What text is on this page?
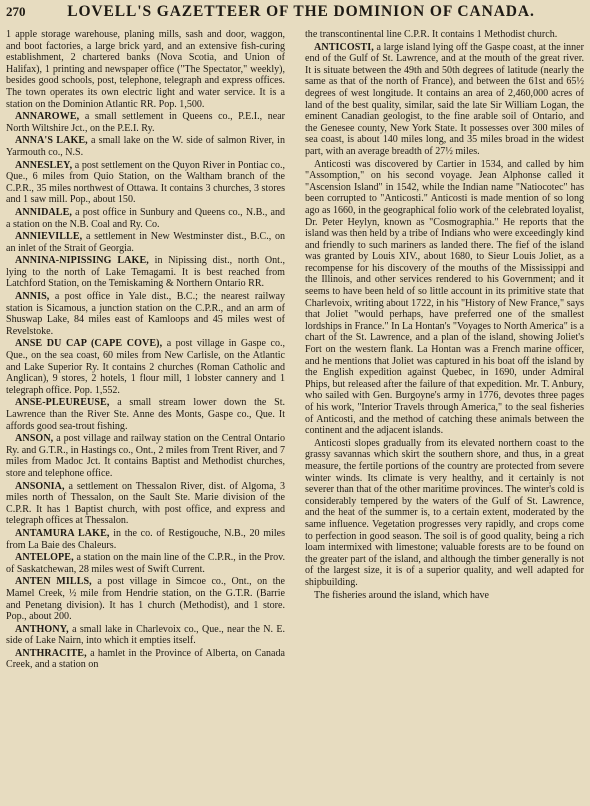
270	LOVELL'S GAZETTEER OF THE DOMINION OF CANADA.

1 apple storage warehouse, planing mills, sash and door, waggon, and boot factories, a large brick yard, and an extensive fish-curing establishment, 2 chartered banks (Nova Scotia, and Union of Halifax), 1 printing and newspaper office ("The Spectator," weekly), besides good schools, post, telephone, telegraph and express offices. The town operates its own electric light and water service. It is a station on the Dominion Atlantic RR. Pop. 1,500.

ANNAROWE, a small settlement in Queens co., P.E.I., near North Wiltshire Jct., on the P.E.I. Ry.

ANNA'S LAKE, a small lake on the W. side of salmon River, in Yarmouth co., N.S.

ANNESLEY, a post settlement on the Quyon River in Pontiac co., Que., 6 miles from Quio Station, on the Waltham branch of the C.P.R., 35 miles northwest of Ottawa. It contains 3 churches, 3 stores and 1 saw mill. Pop., about 150.

ANNIDALE, a post office in Sunbury and Queens co., N.B., and a station on the N.B. Coal and Ry. Co.

ANNIEVILLE, a settlement in New Westminster dist., B.C., on an inlet of the Strait of Georgia.

ANNINA-NIPISSING LAKE, in Nipissing dist., north Ont., lying to the north of Lake Temagami. It is best reached from Latchford Station, on the Temiskaming & Northern Ontario RR.

ANNIS, a post office in Yale dist., B.C.; the nearest railway station is Sicamous, a junction station on the C.P.R., and an arm of Shuswap Lake, 84 miles east of Kamloops and 45 miles west of Revelstoke.

ANSE DU CAP (CAPE COVE), a post village in Gaspe co., Que., on the sea coast, 60 miles from New Carlisle, on the Atlantic and Lake Superior Ry. It contains 2 churches (Roman Catholic and Anglican), 9 stores, 2 hotels, 1 flour mill, 1 lobster cannery and 1 telegraph office. Pop. 1,552.

ANSE-PLEUREUSE, a small stream lower down the St. Lawrence than the River Ste. Anne des Monts, Gaspe co., Que. It affords good sea-trout fishing.

ANSON, a post village and railway station on the Central Ontario Ry. and G.T.R., in Hastings co., Ont., 2 miles from Trent River, and 7 miles from Madoc Jct. It contains Baptist and Methodist churches, store and telephone office.

ANSONIA, a settlement on Thessalon River, dist. of Algoma, 3 miles north of Thessalon, on the Sault Ste. Marie division of the C.P.R. It has 1 Baptist church, with post office, and express and telegraph offices at Thessalon.

ANTAMURA LAKE, in the co. of Restigouche, N.B., 20 miles from La Baie des Chaleurs.

ANTELOPE, a station on the main line of the C.P.R., in the Prov. of Saskatchewan, 28 miles west of Swift Current.

ANTEN MILLS, a post village in Simcoe co., Ont., on the Mamel Creek, ½ mile from Hendrie station, on the G.T.R. (Barrie and Penetang division). It has 1 church (Methodist), and 1 store. Pop., about 200.

ANTHONY, a small lake in Charlevoix co., Que., near the N. E. side of Lake Nairn, into which it empties itself.

ANTHRACITE, a hamlet in the Province of Alberta, on Canada Creek, and a station on

the transcontinental line C.P.R. It contains 1 Methodist church.

ANTICOSTI, a large island lying off the Gaspe coast, at the inner end of the Gulf of St. Lawrence, and at the mouth of the great river. It is situate between the 49th and 50th degrees of latitude (nearly the same as that of the north of France), and between the 61st and 65½ degrees of west longitude. It contains an area of 2,460,000 acres of land of the best quality, similar, said the late Sir William Logan, the eminent Canadian geologist, to the fine arable soil of Ontario, and the Genesee county, New York State. It possesses over 300 miles of sea coast, is about 140 miles long, and 35 miles broad in the widest part, with an average breadth of 27½ miles.

Anticosti was discovered by Cartier in 1534, and called by him "Assomption," on his second voyage. Jean Alphonse called it "Ascension Island" in 1542, while the Indian name "Natiocotec" has been corrupted to "Anticosti." Anticosti is made mention of so long ago as 1660, in the geographical folio work of the celebrated loyalist, Dr. Peter Heylyn, known as "Cosmographia." He reports that the island was then held by a tribe of Indians who were exceedingly kind and friendly to such mariners as landed there. The fief of the island was granted by Louis XIV., about 1680, to Sieur Louis Joliet, as a recompense for his discovery of the mouths of the Mississippi and the Illinois, and other services rendered to his Government; and it seems to have been held of so little account in its primitive state that Charlevoix, writing about 1722, in his "History of New France," says that Joliet "would perhaps, have preferred one of the smallest lordships in France." In La Hontan's "Voyages to North America" is a chart of the St. Lawrence, and a plan of the island, showing Joliet's Fort on the western flank. La Hontan was a French marine officer, and he mentions that Joliet was captured in his boat off the island by the English expedition against Quebec, in 1690, under Admiral Phips, but released after the failure of that expedition. Mr. T. Anbury, who sailed with Gen. Burgoyne's army in 1776, devotes three pages of his work, "Interior Travels through America," to the seal fisheries of Anticosti, and the method of catching these animals between the continent and the adjacent islands.

Anticosti slopes gradually from its elevated northern coast to the grassy savannas which skirt the southern shore, and thus, in a great measure, the fertile portions of the country are protected from severe winter winds. Its climate is very healthy, and it certainly is not severer than that of the other maritime provinces. The winter's cold is considerably tempered by the waters of the Gulf of St. Lawrence, and the heat of the summer is, to a certain extent, moderated by the same influence. Vegetation progresses very rapidly, and crops come to perfection in good season. The soil is of good quality, being a rich loam intermixed with limestone; valuable forests are to be found on the greater part of the island, and although the timber generally is not of the largest size, it is of a superior quality, and well adapted for shipbuilding.

The fisheries around the island, which have
